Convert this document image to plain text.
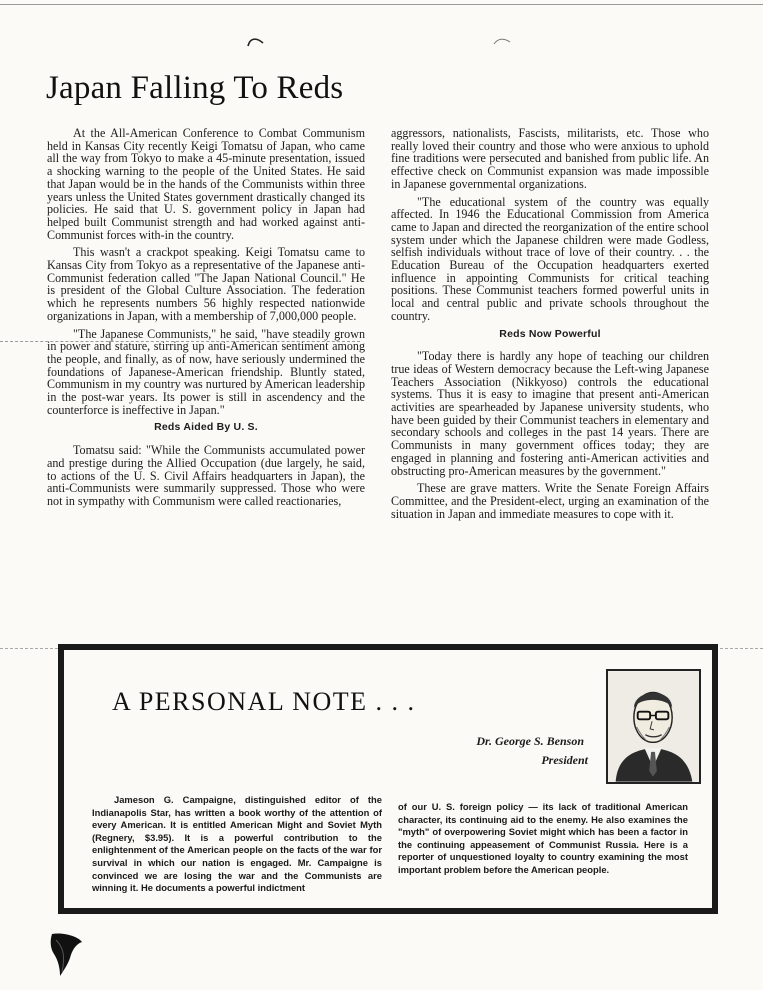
Japan Falling To Reds

At the All-American Conference to Combat Communism held in Kansas City recently Keigi Tomatsu of Japan, who came all the way from Tokyo to make a 45-minute presentation, issued a shocking warning to the people of the United States. He said that Japan would be in the hands of the Communists within three years unless the United States government drastically changed its policies. He said that U. S. government policy in Japan had helped built Communist strength and had worked against anti-Communist forces with-in the country.

This wasn't a crackpot speaking. Keigi Tomatsu came to Kansas City from Tokyo as a representative of the Japanese anti-Communist federation called "The Japan National Council." He is president of the Global Culture Association. The federation which he represents numbers 56 highly respected nationwide organizations in Japan, with a membership of 7,000,000 people.

"The Japanese Communists," he said, "have steadily grown in power and stature, stirring up anti-American sentiment among the people, and finally, as of now, have seriously undermined the foundations of Japanese-American friendship. Bluntly stated, Communism in my country was nurtured by American leadership in the post-war years. Its power is still in ascendency and the counterforce is ineffective in Japan."

Reds Aided By U. S.

Tomatsu said: "While the Communists accumulated power and prestige during the Allied Occupation (due largely, he said, to actions of the U. S. Civil Affairs headquarters in Japan), the anti-Communists were summarily suppressed. Those who were not in sympathy with Communism were called reactionaries,

aggressors, nationalists, Fascists, militarists, etc. Those who really loved their country and those who were anxious to uphold fine traditions were persecuted and banished from public life. An effective check on Communist expansion was made impossible in Japanese governmental organizations.

"The educational system of the country was equally affected. In 1946 the Educational Commission from America came to Japan and directed the reorganization of the entire school system under which the Japanese children were made Godless, selfish individuals without trace of love of their country. . . the Education Bureau of the Occupation headquarters exerted influence in appointing Communists for critical teaching positions. These Communist teachers formed powerful units in local and central public and private schools throughout the country.

Reds Now Powerful

"Today there is hardly any hope of teaching our children true ideas of Western democracy because the Left-wing Japanese Teachers Association (Nikkyoso) controls the educational systems. Thus it is easy to imagine that present anti-American activities are spearheaded by Japanese university students, who have been guided by their Communist teachers in elementary and secondary schools and colleges in the past 14 years. There are Communists in many government offices today; they are engaged in planning and fostering anti-American activities and obstructing pro-American measures by the government."

These are grave matters. Write the Senate Foreign Affairs Committee, and the President-elect, urging an examination of the situation in Japan and immediate measures to cope with it.

A PERSONAL NOTE . . .
Dr. George S. Benson
President
Jameson G. Campaigne, distinguished editor of the Indianapolis Star, has written a book worthy of the attention of every American. It is entitled American Might and Soviet Myth (Regnery, $3.95). It is a powerful contribution to the enlightenment of the American people on the facts of the war for survival in which our nation is engaged. Mr. Campaigne is convinced we are losing the war and the Communists are winning it. He documents a powerful indictment
of our U. S. foreign policy — its lack of traditional American character, its continuing aid to the enemy. He also examines the "myth" of overpowering Soviet might which has been a factor in the continuing appeasement of Communist Russia. Here is a reporter of unquestioned loyalty to country examining the most important problem before the American people.
